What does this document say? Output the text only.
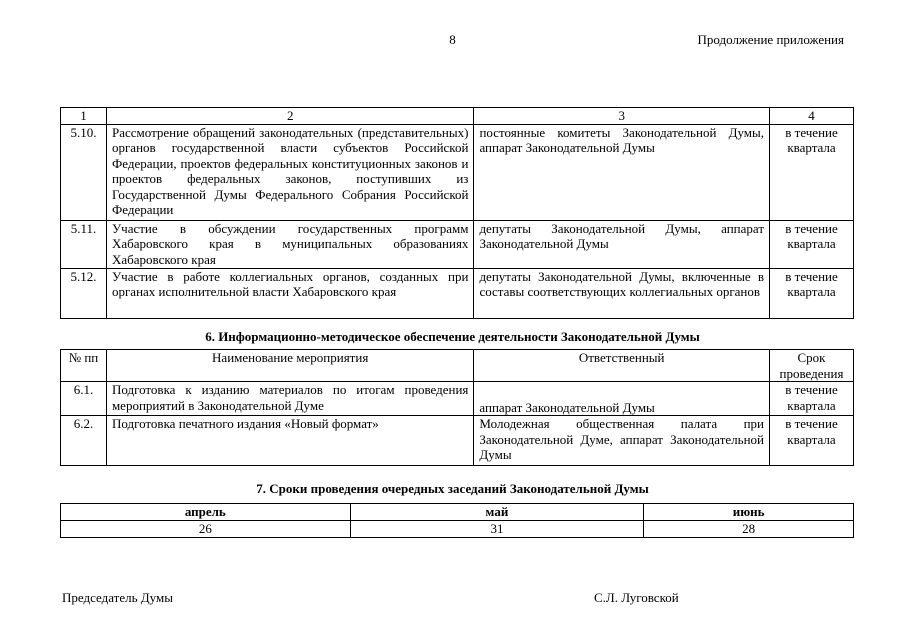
8	Продолжение приложения
1	2	3	4
5.10.	Рассмотрение обращений законодательных (представительных) органов государственной власти субъектов Российской Федерации, проектов федеральных конституционных законов и проектов федеральных законов, поступивших из Государственной Думы Федерального Собрания Российской Федерации	постоянные комитеты Законодательной Думы, аппарат Законодательной Думы	в течение квартала
5.11.	Участие в обсуждении государственных программ Хабаровского края в муниципальных образованиях Хабаровского края	депутаты Законодательной Думы, аппарат Законодательной Думы	в течение квартала
5.12.	Участие в работе коллегиальных органов, созданных при органах исполнительной власти Хабаровского края	депутаты Законодательной Думы, включенные в составы соответствующих коллегиальных органов	в течение квартала
6. Информационно-методическое обеспечение деятельности Законодательной Думы
№ пп	Наименование мероприятия	Ответственный	Срок проведения
6.1.	Подготовка к изданию материалов по итогам проведения мероприятий в Законодательной Думе	аппарат Законодательной Думы	в течение квартала
6.2.	Подготовка печатного издания «Новый формат»	Молодежная общественная палата при Законодательной Думе, аппарат Законодательной Думы	в течение квартала
7. Сроки проведения очередных заседаний Законодательной Думы
апрель	май	июнь
26	31	28
Председатель Думы	С.Л. Луговской
